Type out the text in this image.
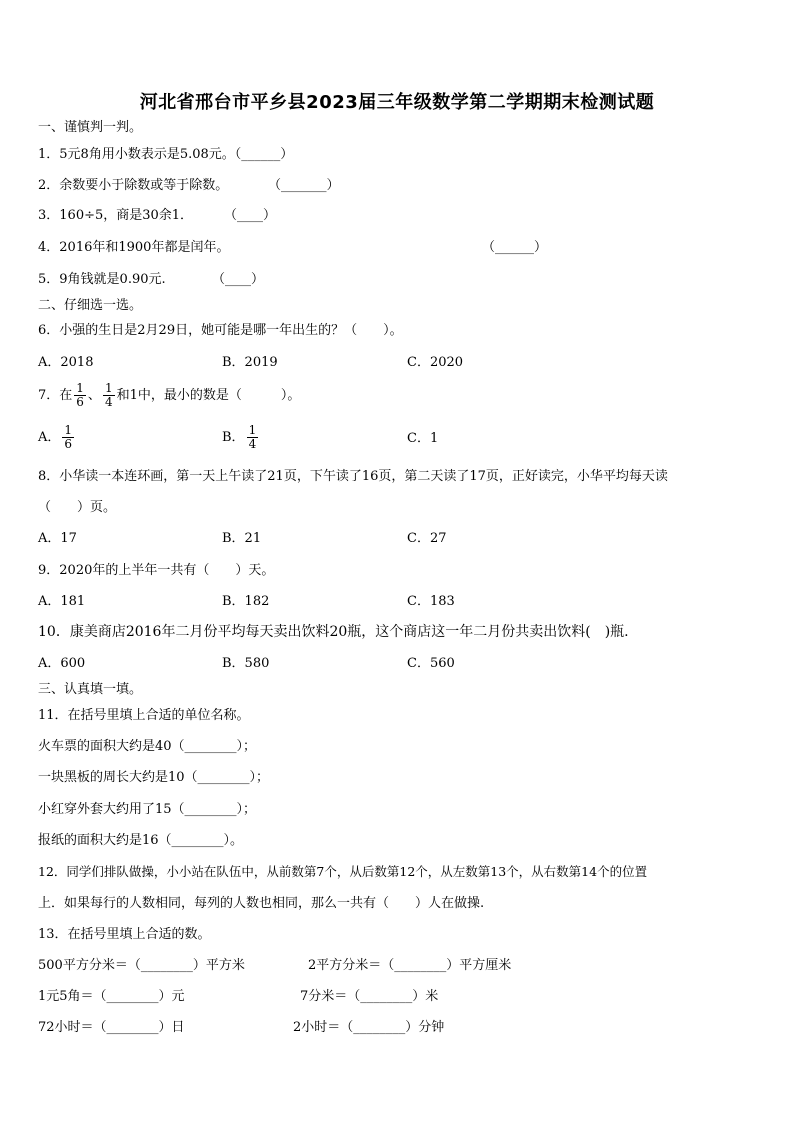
河北省邢台市平乡县2023届三年级数学第二学期期末检测试题
一、谨慎判一判。
1．5元8角用小数表示是5.08元。（______）
2．余数要小于除数或等于除数。	（_______）
3．160÷5，商是30余1． （____）
4．2016年和1900年都是闰年。	（______）
5．9角钱就是0.90元.	（____）
二、仔细选一选。
6．小强的生日是2月29日，她可能是哪一年出生的？（　　）。
A．2018	B．2019	C．2020
7．在 $\frac{1}{6}$ 、 $\frac{1}{4}$ 和1中，最小的数是（　　　）。
A． $\frac{1}{6}$	B． $\frac{1}{4}$	C．1
8．小华读一本连环画，第一天上午读了21页，下午读了16页，第二天读了17页，正好读完，小华平均每天读
（　　）页。
A．17	B．21	C．27
9．2020年的上半年一共有（　　）天。
A．181	B．182	C．183
10．康美商店2016年二月份平均每天卖出饮料20瓶，这个商店这一年二月份共卖出饮料(　)瓶.
A．600	B．580	C．560
三、认真填一填。
11．在括号里填上合适的单位名称。
火车票的面积大约是40（________）；
一块黑板的周长大约是10（________）；
小红穿外套大约用了15（________）；
报纸的面积大约是16（________）。
12．同学们排队做操，小小站在队伍中，从前数第7个，从后数第12个，从左数第13个，从右数第14个的位置
上．如果每行的人数相同，每列的人数也相同，那么一共有（　　）人在做操.
13．在括号里填上合适的数。
500平方分米＝（________）平方米	2平方分米＝（________）平方厘米
1元5角＝（________）元	7分米＝（________）米
72小时＝（________）日	2小时＝（________）分钟
